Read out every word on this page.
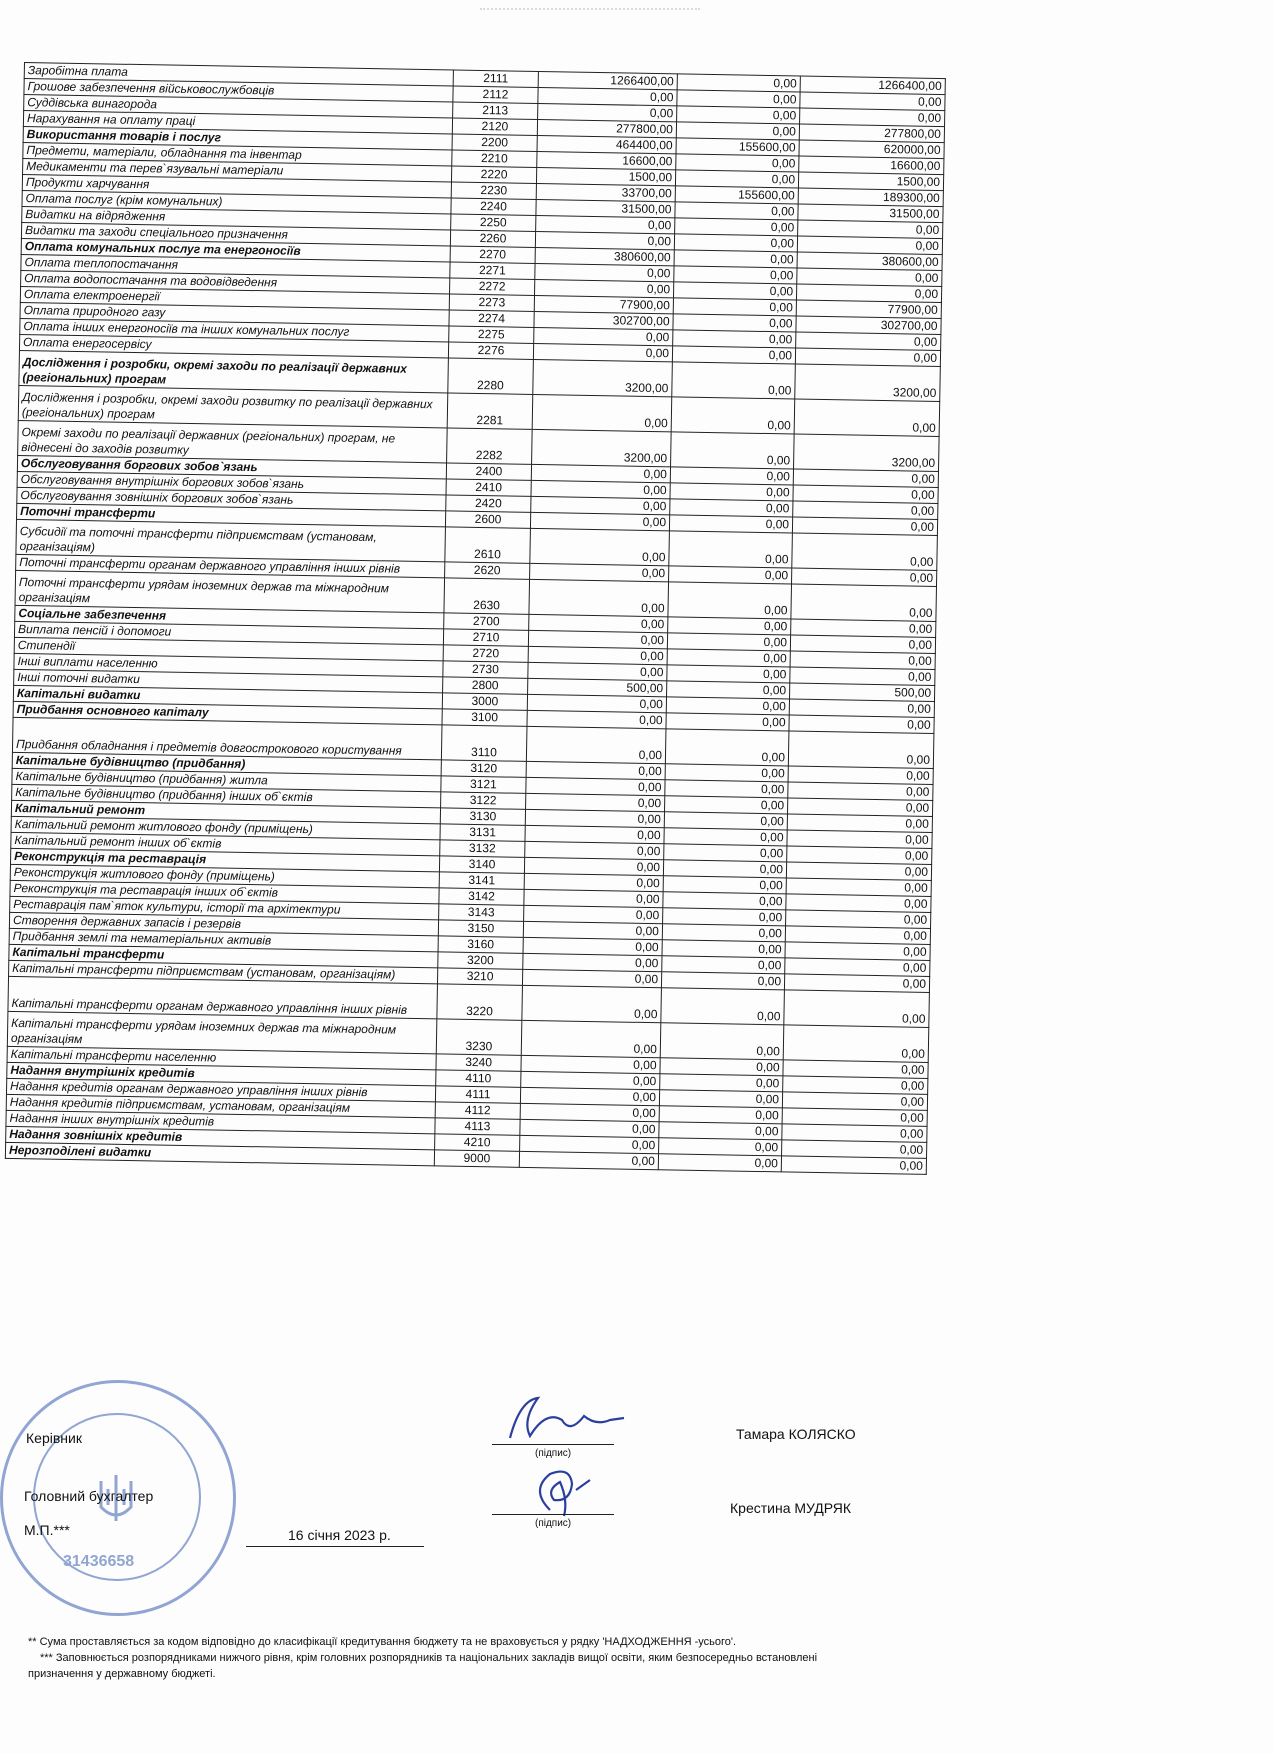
Заробітна плата	2111	1266400,00	0,00	1266400,00
Грошове забезпечення військовослужбовців	2112	0,00	0,00	0,00
Суддівська винагорода	2113	0,00	0,00	0,00
Нарахування на оплату праці	2120	277800,00	0,00	277800,00
Використання товарів і послуг	2200	464400,00	155600,00	620000,00
Предмети, матеріали, обладнання та інвентар	2210	16600,00	0,00	16600,00
Медикаменти та перев`язувальні матеріали	2220	1500,00	0,00	1500,00
Продукти харчування	2230	33700,00	155600,00	189300,00
Оплата послуг (крім комунальних)	2240	31500,00	0,00	31500,00
Видатки на відрядження	2250	0,00	0,00	0,00
Видатки та заходи спеціального призначення	2260	0,00	0,00	0,00
Оплата комунальних послуг та енергоносіїв	2270	380600,00	0,00	380600,00
Оплата теплопостачання	2271	0,00	0,00	0,00
Оплата водопостачання та водовідведення	2272	0,00	0,00	0,00
Оплата електроенергії	2273	77900,00	0,00	77900,00
Оплата природного газу	2274	302700,00	0,00	302700,00
Оплата інших енергоносіїв та інших комунальних послуг	2275	0,00	0,00	0,00
Оплата енергосервісу	2276	0,00	0,00	0,00
Дослідження і розробки, окремі заходи по реалізації державних (регіональних) програм	2280	3200,00	0,00	3200,00
Дослідження і розробки, окремі заходи розвитку по реалізації державних (регіональних) програм	2281	0,00	0,00	0,00
Окремі заходи по реалізації державних (регіональних) програм, не віднесені до заходів розвитку	2282	3200,00	0,00	3200,00
Обслуговування боргових зобов`язань	2400	0,00	0,00	0,00
Обслуговування внутрішніх боргових зобов`язань	2410	0,00	0,00	0,00
Обслуговування зовнішніх боргових зобов`язань	2420	0,00	0,00	0,00
Поточні трансферти	2600	0,00	0,00	0,00
Субсидії та поточні трансферти підприємствам (установам, організаціям)	2610	0,00	0,00	0,00
Поточні трансферти органам державного управління інших рівнів	2620	0,00	0,00	0,00
Поточні трансферти урядам іноземних держав та міжнародним організаціям	2630	0,00	0,00	0,00
Соціальне забезпечення	2700	0,00	0,00	0,00
Виплата пенсій і допомоги	2710	0,00	0,00	0,00
Стипендії	2720	0,00	0,00	0,00
Інші виплати населенню	2730	0,00	0,00	0,00
Інші поточні видатки	2800	500,00	0,00	500,00
Капітальні видатки	3000	0,00	0,00	0,00
Придбання основного капіталу	3100	0,00	0,00	0,00
Придбання обладнання і предметів довгострокового користування	3110	0,00	0,00	0,00
Капітальне будівництво (придбання)	3120	0,00	0,00	0,00
Капітальне будівництво (придбання) житла	3121	0,00	0,00	0,00
Капітальне будівництво (придбання) інших об`єктів	3122	0,00	0,00	0,00
Капітальний ремонт	3130	0,00	0,00	0,00
Капітальний ремонт житлового фонду (приміщень)	3131	0,00	0,00	0,00
Капітальний ремонт інших об`єктів	3132	0,00	0,00	0,00
Реконструкція та реставрація	3140	0,00	0,00	0,00
Реконструкція житлового фонду (приміщень)	3141	0,00	0,00	0,00
Реконструкція та реставрація інших об`єктів	3142	0,00	0,00	0,00
Реставрація пам`яток культури, історії та архітектури	3143	0,00	0,00	0,00
Створення державних запасів і резервів	3150	0,00	0,00	0,00
Придбання землі та нематеріальних активів	3160	0,00	0,00	0,00
Капітальні трансферти	3200	0,00	0,00	0,00
Капітальні трансферти підприємствам (установам, організаціям)	3210	0,00	0,00	0,00
Капітальні трансферти органам державного управління інших рівнів	3220	0,00	0,00	0,00
Капітальні трансферти урядам іноземних держав та міжнародним організаціям	3230	0,00	0,00	0,00
Капітальні трансферти населенню	3240	0,00	0,00	0,00
Надання внутрішніх кредитів	4110	0,00	0,00	0,00
Надання кредитів органам державного управління інших рівнів	4111	0,00	0,00	0,00
Надання кредитів підприємствам, установам, організаціям	4112	0,00	0,00	0,00
Надання інших внутрішніх кредитів	4113	0,00	0,00	0,00
Надання зовнішніх кредитів	4210	0,00	0,00	0,00
Нерозподілені видатки	9000	0,00	0,00	0,00
31436658
Керівник
(підпис)
Тамара КОЛЯСКО
Головний бухгалтер
(підпис)
Крестина МУДРЯК
М.П.***	16 січня 2023 р.
** Сума проставляється за кодом відповідно до класифікації кредитування бюджету та не враховується у рядку 'НАДХОДЖЕННЯ -усього'.
*** Заповнюється розпорядниками нижчого рівня, крім головних розпорядників та національних закладів вищої освіти, яким безпосередньо встановлені
призначення у державному бюджеті.
